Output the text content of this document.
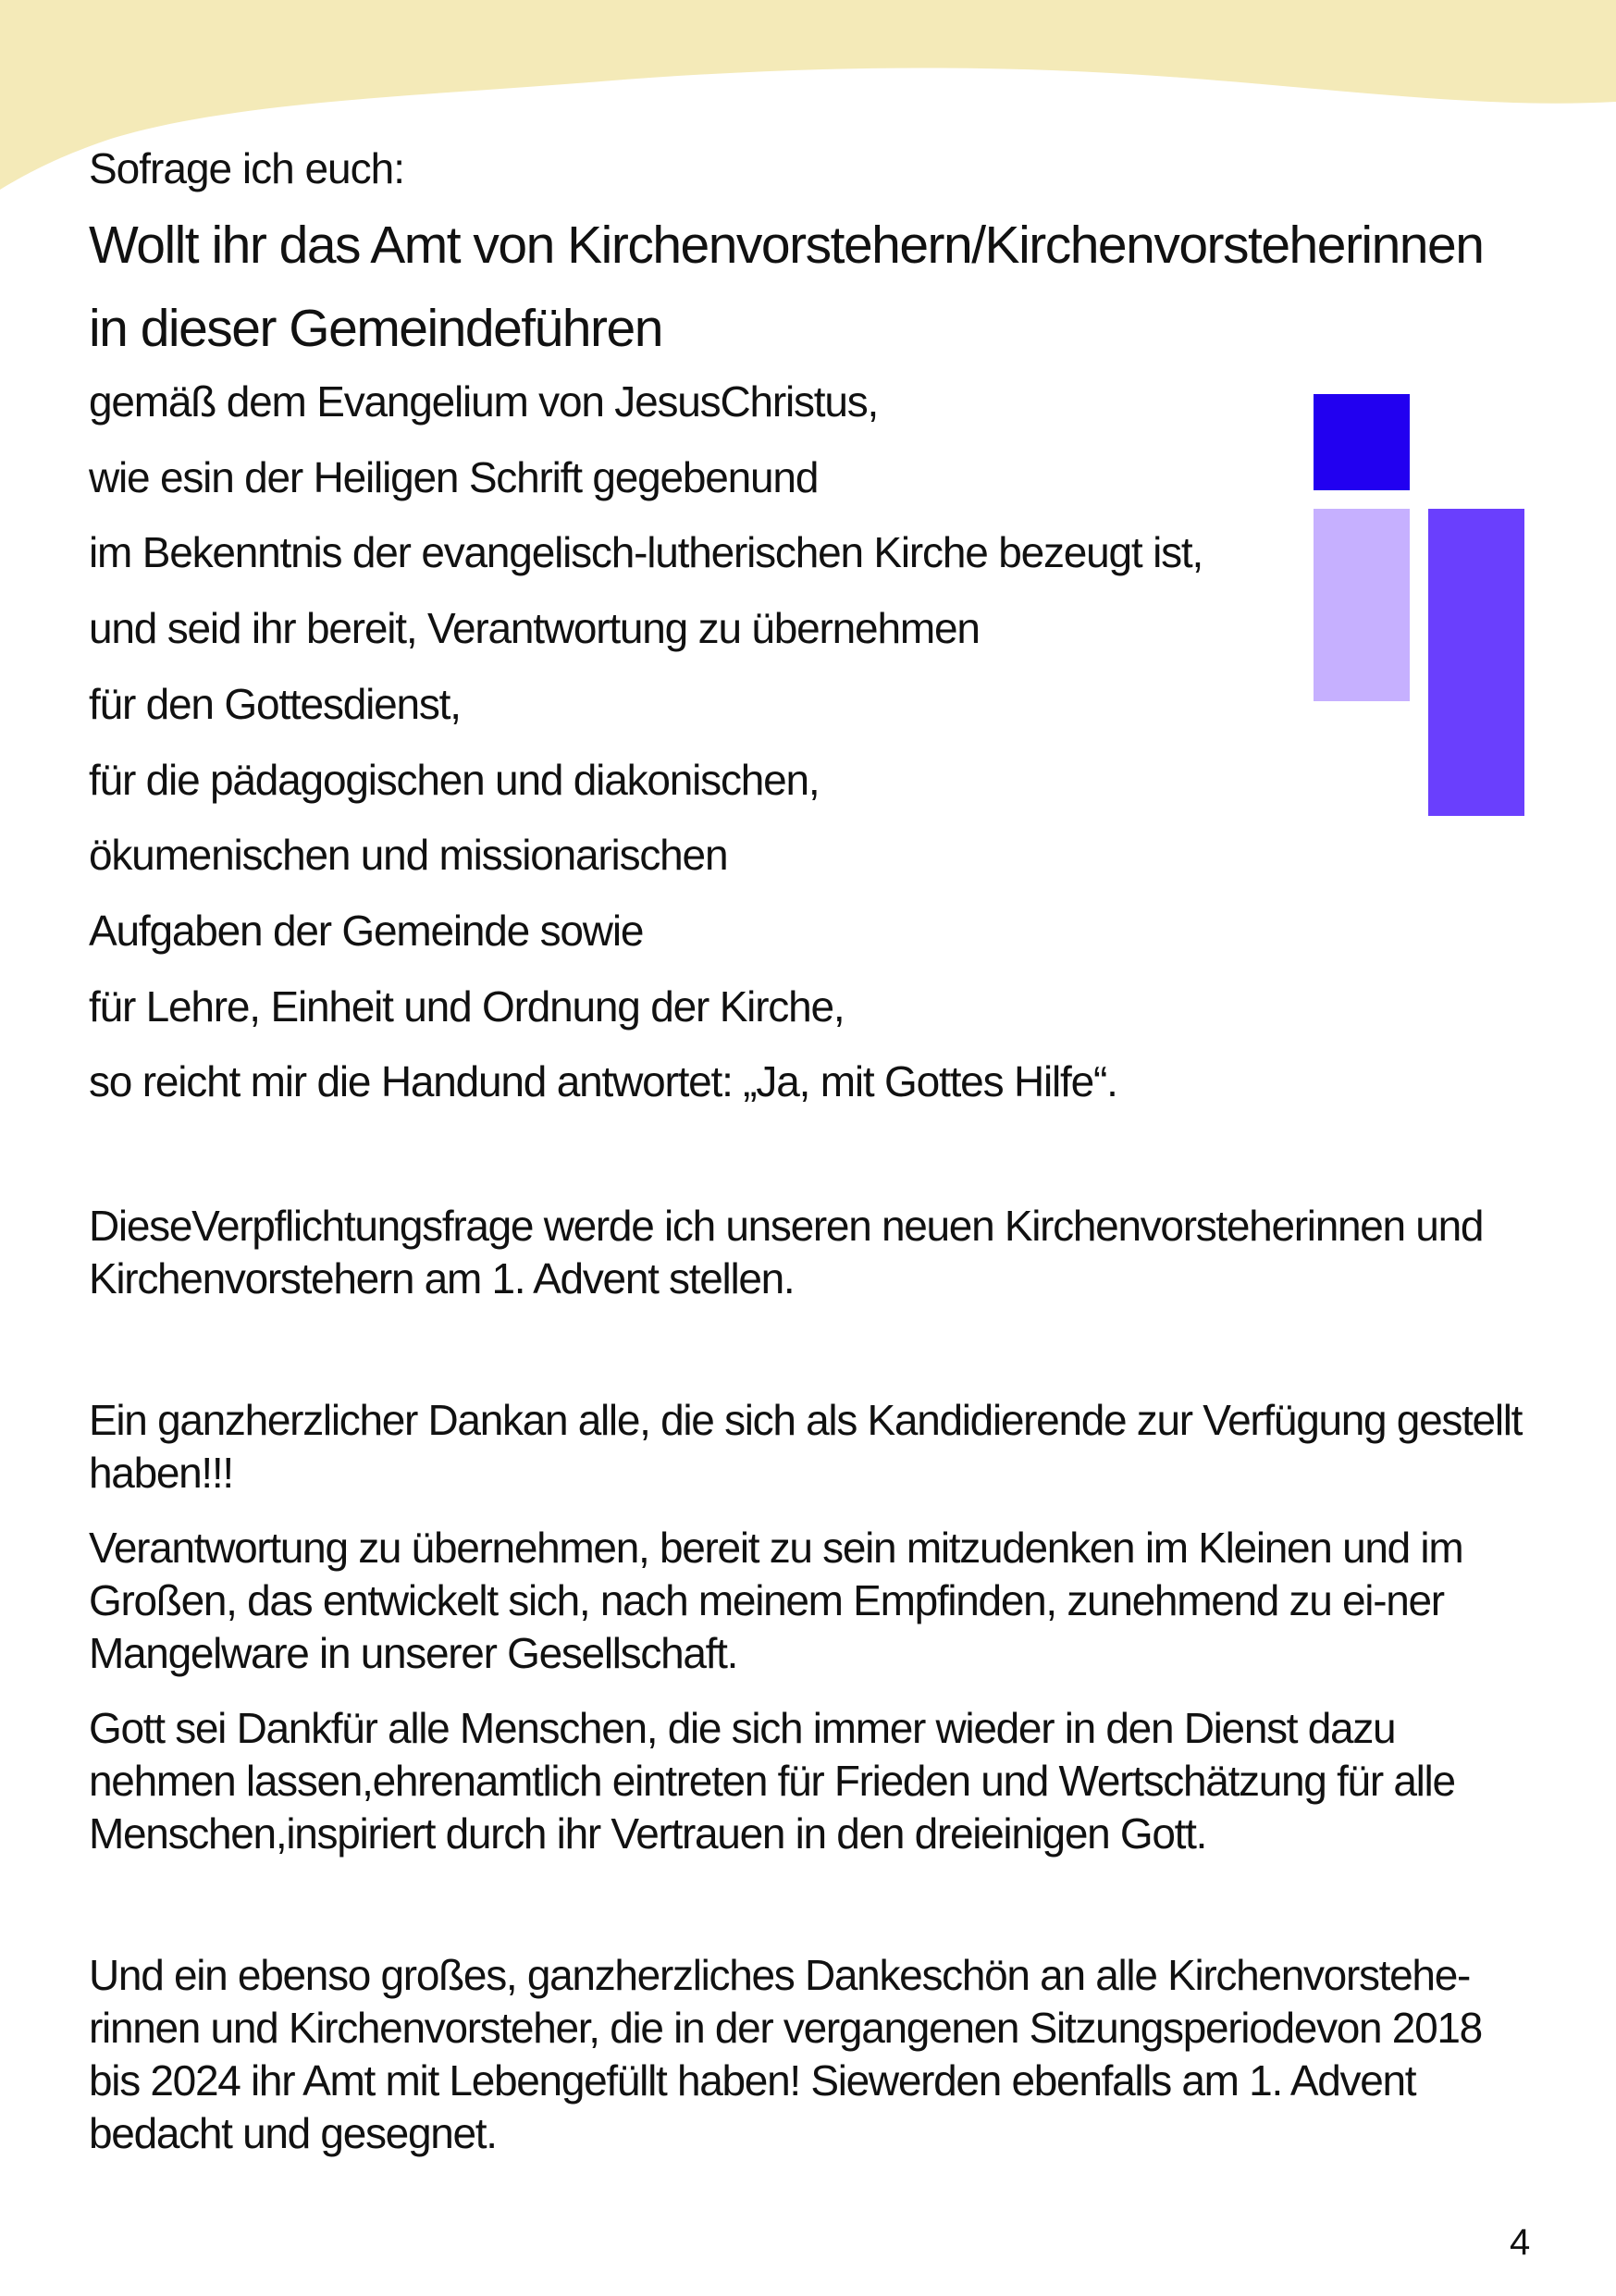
Sofrage ich euch:

Wollt ihr das Amt von Kirchenvorstehern/Kirchenvorsteherinnen

in dieser Gemeindeführen

gemäß dem Evangelium von JesusChristus,

wie esin der Heiligen Schrift gegebenund

im Bekenntnis der evangelisch-lutherischen Kirche bezeugt ist,

und seid ihr bereit, Verantwortung zu übernehmen

für den Gottesdienst,

für die pädagogischen und diakonischen,

ökumenischen und missionarischen

Aufgaben der Gemeinde sowie

für Lehre, Einheit und Ordnung der Kirche,

so reicht mir die Handund antwortet: „Ja, mit Gottes Hilfe“.

DieseVerpflichtungsfrage werde ich unseren neuen Kirchenvorsteherinnen und Kirchenvorstehern am 1. Advent stellen.

Ein ganzherzlicher Dankan alle, die sich als Kandidierende zur Verfügung gestellt haben!!!

Verantwortung zu übernehmen, bereit zu sein mitzudenken im Kleinen und im Großen, das entwickelt sich, nach meinem Empfinden, zunehmend zu ei-ner Mangelware in unserer Gesellschaft.

Gott sei Dankfür alle Menschen, die sich immer wieder in den Dienst dazu nehmen lassen,ehrenamtlich eintreten für Frieden und Wertschätzung für alle Menschen,inspiriert durch ihr Vertrauen in den dreieinigen Gott.

Und ein ebenso großes, ganzherzliches Dankeschön an alle Kirchenvorstehe-rinnen und Kirchenvorsteher, die in der vergangenen Sitzungsperiodevon 2018 bis 2024 ihr Amt mit Lebengefüllt haben! Siewerden ebenfalls am 1. Advent bedacht und gesegnet.

4
